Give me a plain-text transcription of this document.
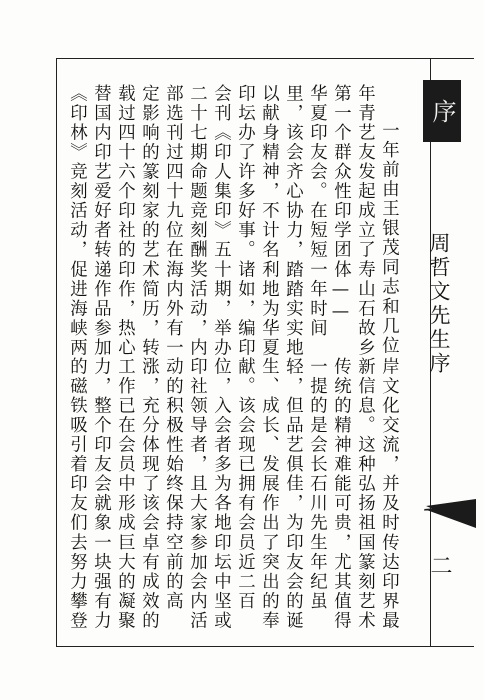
一年前由王银茂同志和几位
年青艺友发起成立了寿山石故乡
第一个群众性印学团体——
华夏印友会。在短短一年时间
里，该会齐心协力，踏踏实实地
以献身精神，不计名利地为华夏
印坛办了许多好事。诸如，编印
会刊《印人集印》五十期，举办
二十七期命题竞刻酬奖活动，内
部选刊过四十九位在海内外有一
定影响的篆刻家的艺术简历，转
载过四十六个印社的印作，热心
替国内印艺爱好者转递作品参加
《印林》竞刻活动，促进海峡两
岸文化交流，并及时传达印界最
新信息。这种弘扬祖国篆刻艺术
传统的精神难能可贵，尤其值得
一提的是会长石川先生年纪虽
轻，但品艺俱佳，为印友会的诞
生、成长、发展作出了突出的奉
献。该会现已拥有会员近二百
位，入会者多为各地印坛中坚或
印社领导者，且大家参加会内活
动的积极性始终保持空前的高
涨，充分体现了该会卓有成效的
工作已在会员中形成巨大的凝聚
力，整个印友会就象一块强有力
的磁铁吸引着印友们去努力攀登
序
周哲文先生序
二
